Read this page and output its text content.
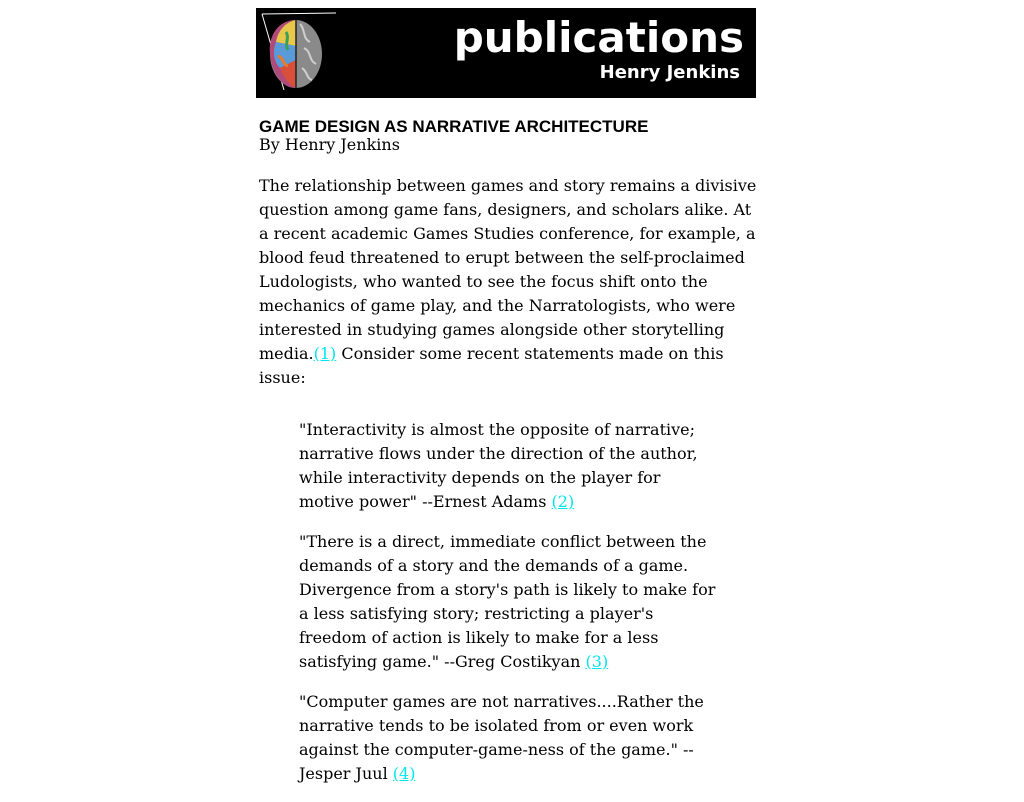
publications
Henry Jenkins
GAME DESIGN AS NARRATIVE ARCHITECTURE
By Henry Jenkins

The relationship between games and story remains a divisive question among game fans, designers, and scholars alike. At a recent academic Games Studies conference, for example, a blood feud threatened to erupt between the self-proclaimed Ludologists, who wanted to see the focus shift onto the mechanics of game play, and the Narratologists, who were interested in studying games alongside other storytelling media.(1) Consider some recent statements made on this issue:

"Interactivity is almost the opposite of narrative; narrative flows under the direction of the author, while interactivity depends on the player for motive power" --Ernest Adams (2)

"There is a direct, immediate conflict between the demands of a story and the demands of a game. Divergence from a story's path is likely to make for a less satisfying story; restricting a player's freedom of action is likely to make for a less satisfying game." --Greg Costikyan (3)

"Computer games are not narratives....Rather the narrative tends to be isolated from or even work against the computer-game-ness of the game." --Jesper Juul (4)
